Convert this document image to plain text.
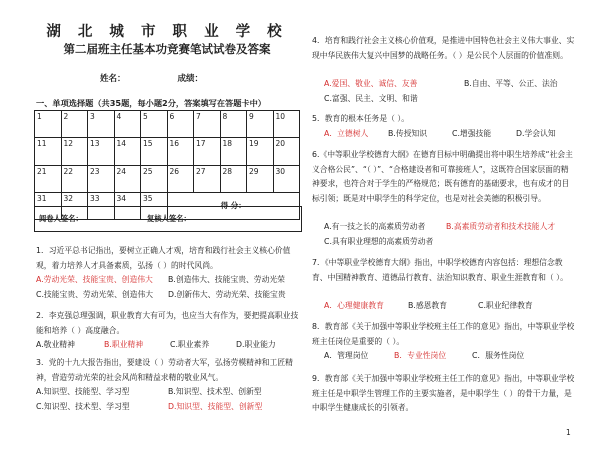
湖 北 城 市 职 业 学 校
第二届班主任基本功竞赛笔试试卷及答案
姓名：	成绩：
一、单项选择题（共35题，每小题2分，答案填写在答题卡中）
1	2	3	4	5	6	7	8	9	10
11	12	13	14	15	16	17	18	19	20
21	22	23	24	25	26	27	28	29	30
31	32	33	34	35	得 分：				
阅卷人签名：	复核人签名：
1．习近平总书记指出，要树立正确人才观，培育和践行社会主义核心价值观，着力培养人才具备素质，弘扬（ ）的时代风尚。
A.劳动光荣、技能宝贵、创造伟大 B.创造伟大、技能宝贵、劳动光荣
C.技能宝贵、劳动光荣、创造伟大 D.创新伟大、劳动光荣、技能宝贵
2．李克强总理强调，职业教育大有可为，也应当大有作为，要把提高职业技能和培养（ ）高度融合。
A.敬业精神	B.职业精神	C.职业素养	D.职业能力
3．党的十九大报告指出，要建设（ ）劳动者大军，弘扬劳模精神和工匠精神，营造劳动光荣的社会风尚和精益求精的敬业风气。
A.知识型、技能型、学习型	B.知识型、技术型、创新型
C.知识型、技术型、学习型	D.知识型、技能型、创新型
4．培育和践行社会主义核心价值观，是推进中国特色社会主义伟大事业、实现中华民族伟大复兴中国梦的战略任务。（ ）是公民个人层面的价值准则。
A.爱国、敬业、诚信、友善	B.自由、平等、公正、法治
C.富强、民主、文明、和谐
5．教育的根本任务是（ ）。
A．立德树人	B.传授知识	C.增强技能	D.学会认知
6.《中等职业学校德育大纲》在德育目标中明确提出将中职生培养成“社会主义合格公民”、“（ ）”、“合格建设者和可靠接班人”，这既符合国家层面的精神要求，也符合对于学生的严格规范；既有德育的基础要求，也有成才的目标引领；既是对中职学生的科学定位，也是对社会美德的积极引导。
A.有一技之长的高素质劳动者	B.高素质劳动者和技术技能人才
C.具有职业理想的高素质劳动者
7．《中等职业学校德育大纲》指出，中职学校德育内容包括：理想信念教育、中国精神教育、道德品行教育、法治知识教育、职业生涯教育和（ ）。
A．心理健康教育	B.感恩教育	C.职业纪律教育
8．教育部《关于加强中等职业学校班主任工作的意见》指出，中等职业学校班主任岗位是重要的（ ）。
A．管理岗位	B．专业性岗位	C．服务性岗位
9．教育部《关于加强中等职业学校班主任工作的意见》指出，中等职业学校班主任是中职学生管理工作的主要实施者，是中职学生（ ）的骨干力量，是中职学生健康成长的引领者。
1
